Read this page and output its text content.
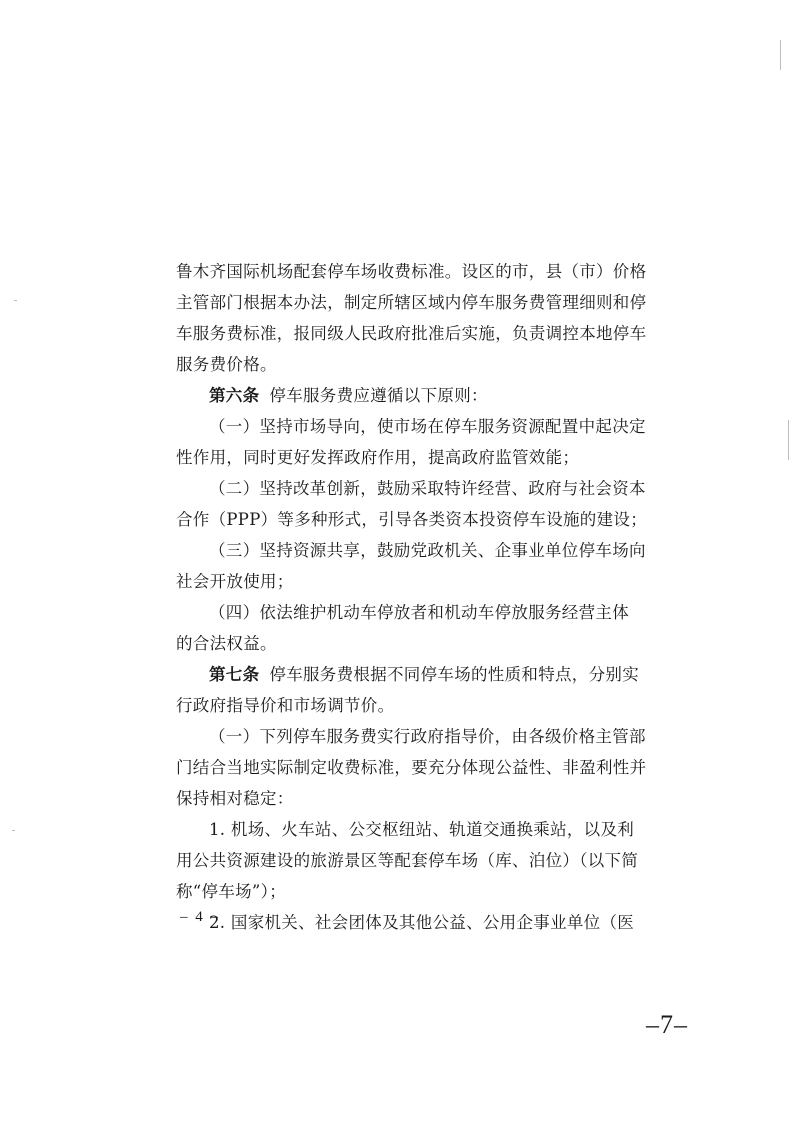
鲁木齐国际机场配套停车场收费标准。设区的市，县（市）价格
主管部门根据本办法，制定所辖区域内停车服务费管理细则和停
车服务费标准，报同级人民政府批准后实施，负责调控本地停车
服务费价格。
第六条 停车服务费应遵循以下原则：
（一）坚持市场导向，使市场在停车服务资源配置中起决定
性作用，同时更好发挥政府作用，提高政府监管效能；
（二）坚持改革创新，鼓励采取特许经营、政府与社会资本
合作（PPP）等多种形式，引导各类资本投资停车设施的建设；
（三）坚持资源共享，鼓励党政机关、企事业单位停车场向
社会开放使用；
（四）依法维护机动车停放者和机动车停放服务经营主体
的合法权益。
第七条 停车服务费根据不同停车场的性质和特点，分别实
行政府指导价和市场调节价。
（一）下列停车服务费实行政府指导价，由各级价格主管部
门结合当地实际制定收费标准，要充分体现公益性、非盈利性并
保持相对稳定：
1. 机场、火车站、公交枢纽站、轨道交通换乘站，以及利
用公共资源建设的旅游景区等配套停车场（库、泊位）（以下简
称“停车场”）；
2. 国家机关、社会团体及其他公益、公用企事业单位（医
– 4 –
–7–
